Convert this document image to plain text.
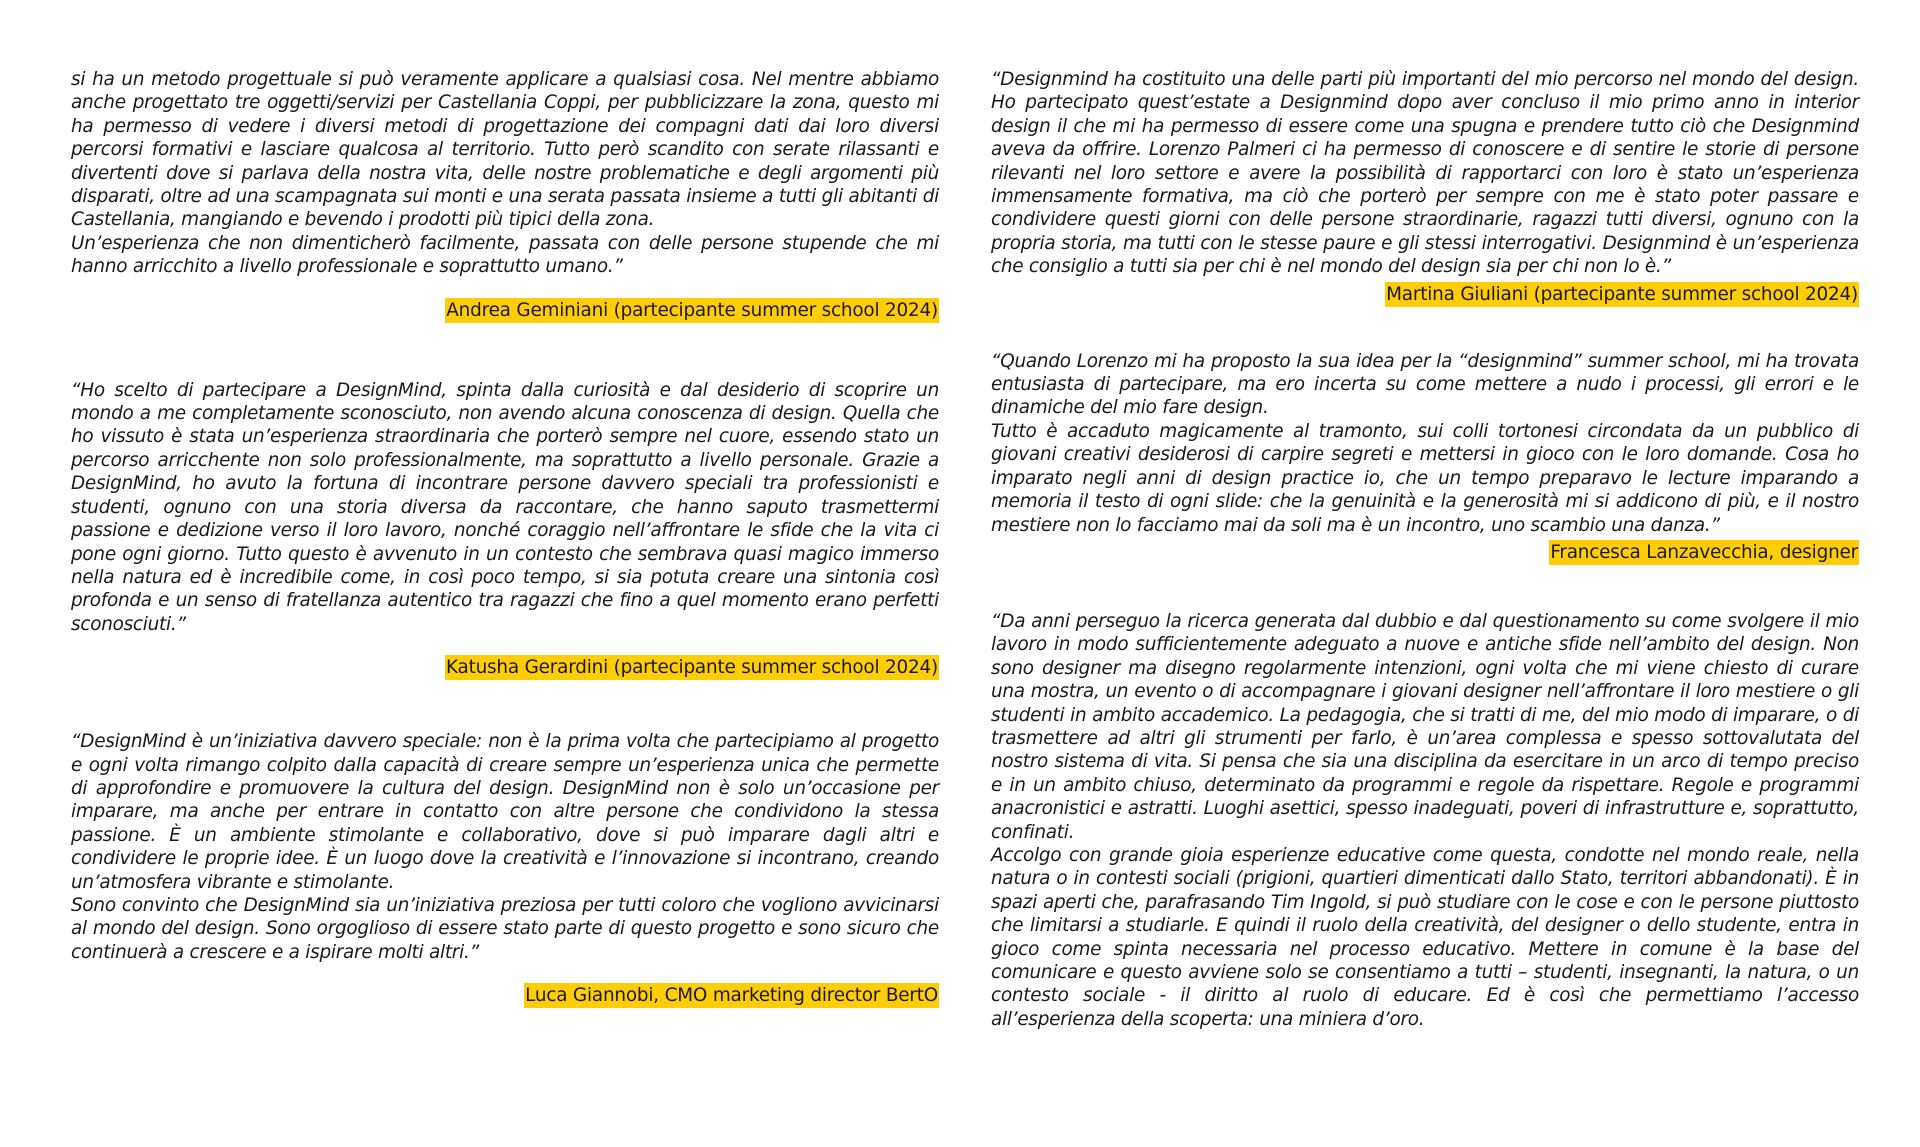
si ha un metodo progettuale si può veramente applicare a qualsiasi cosa. Nel mentre abbiamo anche progettato tre oggetti/servizi per Castellania Coppi, per pubblicizzare la zona, questo mi ha permesso di vedere i diversi metodi di progettazione dei compagni dati dai loro diversi percorsi formativi e lasciare qualcosa al territorio. Tutto però scandito con serate rilassanti e divertenti dove si parlava della nostra vita, delle nostre problematiche e degli argomenti più disparati, oltre ad una scampagnata sui monti e una serata passata insieme a tutti gli abitanti di Castellania, mangiando e bevendo i prodotti più tipici della zona.
Un’esperienza che non dimenticherò facilmente, passata con delle persone stupende che mi hanno arricchito a livello professionale e soprattutto umano.”

Andrea Geminiani (partecipante summer school 2024)

“Ho scelto di partecipare a DesignMind, spinta dalla curiosità e dal desiderio di scoprire un mondo a me completamente sconosciuto, non avendo alcuna conoscenza di design. Quella che ho vissuto è stata un’esperienza straordinaria che porterò sempre nel cuore, essendo stato un percorso arricchente non solo professionalmente, ma soprattutto a livello personale. Grazie a DesignMind, ho avuto la fortuna di incontrare persone davvero speciali tra professionisti e studenti, ognuno con una storia diversa da raccontare, che hanno saputo trasmettermi passione e dedizione verso il loro lavoro, nonché coraggio nell’affrontare le sfide che la vita ci pone ogni giorno. Tutto questo è avvenuto in un contesto che sembrava quasi magico immerso nella natura ed è incredibile come, in così poco tempo, si sia potuta creare una sintonia così profonda e un senso di fratellanza autentico tra ragazzi che fino a quel momento erano perfetti sconosciuti.”

Katusha Gerardini (partecipante summer school 2024)

“DesignMind è un’iniziativa davvero speciale: non è la prima volta che partecipiamo al progetto e ogni volta rimango colpito dalla capacità di creare sempre un’esperienza unica che permette di approfondire e promuovere la cultura del design. DesignMind non è solo un’occasione per imparare, ma anche per entrare in contatto con altre persone che condividono la stessa passione. È un ambiente stimolante e collaborativo, dove si può imparare dagli altri e condividere le proprie idee. È un luogo dove la creatività e l’innovazione si incontrano, creando un’atmosfera vibrante e stimolante.
Sono convinto che DesignMind sia un’iniziativa preziosa per tutti coloro che vogliono avvicinarsi al mondo del design. Sono orgoglioso di essere stato parte di questo progetto e sono sicuro che continuerà a crescere e a ispirare molti altri.”

Luca Giannobi, CMO marketing director BertO

“Designmind ha costituito una delle parti più importanti del mio percorso nel mondo del design. Ho partecipato quest’estate a Designmind dopo aver concluso il mio primo anno in interior design il che mi ha permesso di essere come una spugna e prendere tutto ciò che Designmind aveva da offrire. Lorenzo Palmeri ci ha permesso di conoscere e di sentire le storie di persone rilevanti nel loro settore e avere la possibilità di rapportarci con loro è stato un’esperienza immensamente formativa, ma ciò che porterò per sempre con me è stato poter passare e condividere questi giorni con delle persone straordinarie, ragazzi tutti diversi, ognuno con la propria storia, ma tutti con le stesse paure e gli stessi interrogativi. Designmind è un’esperienza che consiglio a tutti sia per chi è nel mondo del design sia per chi non lo è.”

Martina Giuliani (partecipante summer school 2024)

“Quando Lorenzo mi ha proposto la sua idea per la “designmind” summer school, mi ha trovata entusiasta di partecipare, ma ero incerta su come mettere a nudo i processi, gli errori e le dinamiche del mio fare design.
Tutto è accaduto magicamente al tramonto, sui colli tortonesi circondata da un pubblico di giovani creativi desiderosi di carpire segreti e mettersi in gioco con le loro domande. Cosa ho imparato negli anni di design practice io, che un tempo preparavo le lecture imparando a memoria il testo di ogni slide: che la genuinità e la generosità mi si addicono di più, e il nostro mestiere non lo facciamo mai da soli ma è un incontro, uno scambio una danza.”

Francesca Lanzavecchia, designer

“Da anni perseguo la ricerca generata dal dubbio e dal questionamento su come svolgere il mio lavoro in modo sufficientemente adeguato a nuove e antiche sfide nell’ambito del design. Non sono designer ma disegno regolarmente intenzioni, ogni volta che mi viene chiesto di curare una mostra, un evento o di accompagnare i giovani designer nell’affrontare il loro mestiere o gli studenti in ambito accademico. La pedagogia, che si tratti di me, del mio modo di imparare, o di trasmettere ad altri gli strumenti per farlo, è un’area complessa e spesso sottovalutata del nostro sistema di vita. Si pensa che sia una disciplina da esercitare in un arco di tempo preciso e in un ambito chiuso, determinato da programmi e regole da rispettare. Regole e programmi anacronistici e astratti. Luoghi asettici, spesso inadeguati, poveri di infrastrutture e, soprattutto, confinati.
Accolgo con grande gioia esperienze educative come questa, condotte nel mondo reale, nella natura o in contesti sociali (prigioni, quartieri dimenticati dallo Stato, territori abbandonati). È in spazi aperti che, parafrasando Tim Ingold, si può studiare con le cose e con le persone piuttosto che limitarsi a studiarle. E quindi il ruolo della creatività, del designer o dello studente, entra in gioco come spinta necessaria nel processo educativo. Mettere in comune è la base del comunicare e questo avviene solo se consentiamo a tutti – studenti, insegnanti, la natura, o un contesto sociale - il diritto al ruolo di educare. Ed è così che permettiamo l’accesso all’esperienza della scoperta: una miniera d’oro.
